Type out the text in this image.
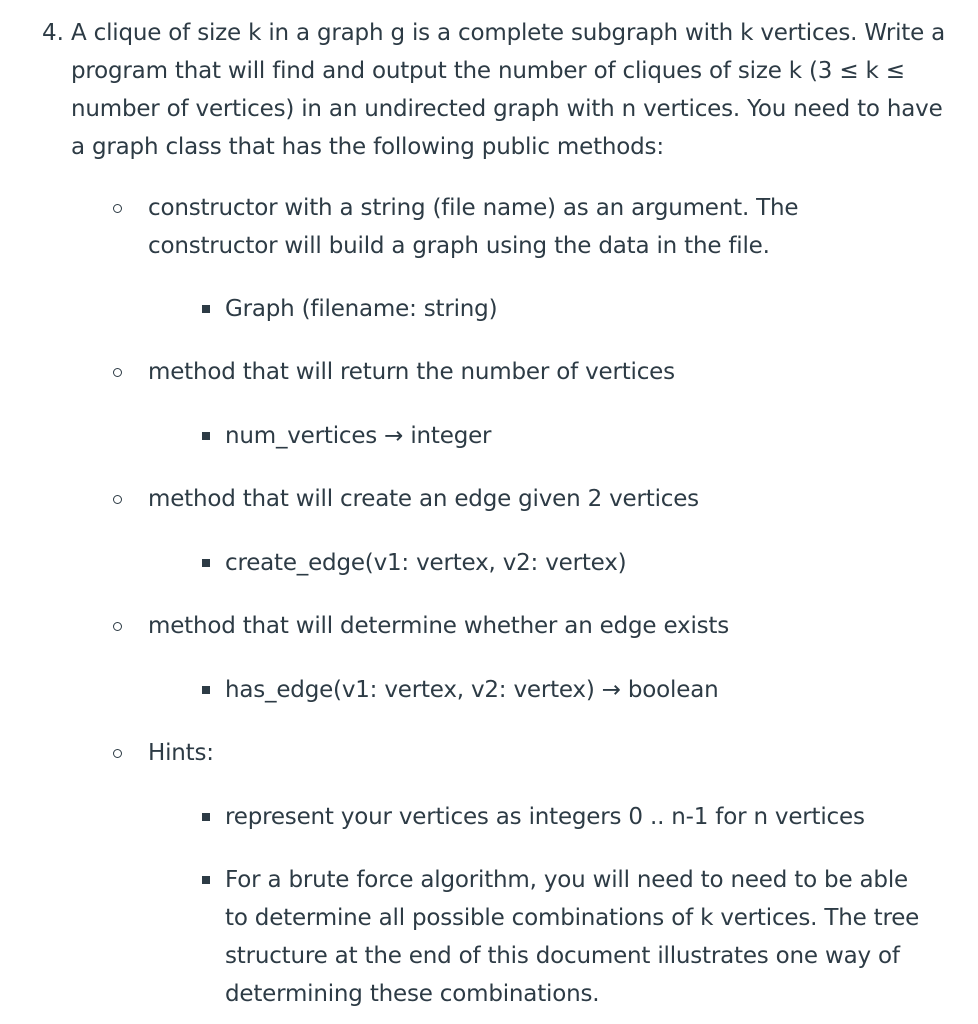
4. A clique of size k in a graph g is a complete subgraph with k vertices. Write a program that will find and output the number of cliques of size k (3 ≤ k ≤ number of vertices) in an undirected graph with n vertices. You need to have a graph class that has the following public methods:
constructor with a string (file name) as an argument. The constructor will build a graph using the data in the file.
Graph (filename: string)
method that will return the number of vertices
num_vertices → integer
method that will create an edge given 2 vertices
create_edge(v1: vertex, v2: vertex)
method that will determine whether an edge exists
has_edge(v1: vertex, v2: vertex) → boolean
Hints:
represent your vertices as integers 0 .. n-1 for n vertices
For a brute force algorithm, you will need to need to be able to determine all possible combinations of k vertices. The tree structure at the end of this document illustrates one way of determining these combinations.
